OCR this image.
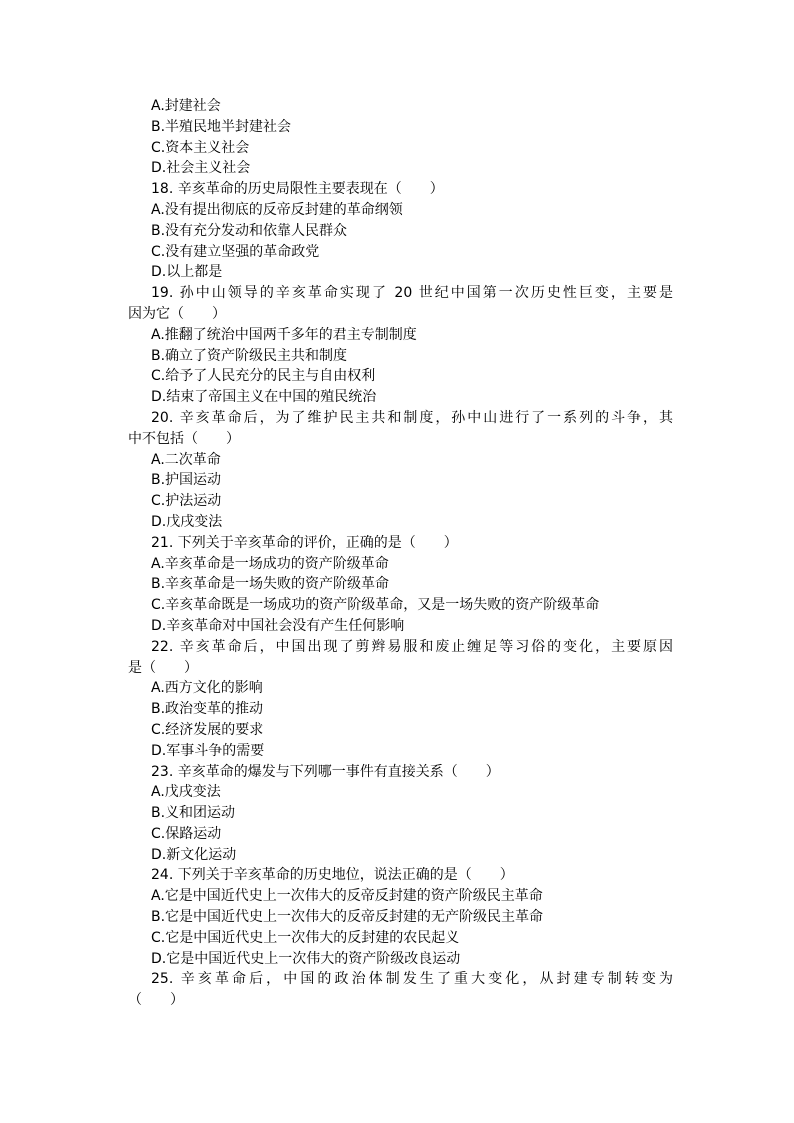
A.封建社会
B.半殖民地半封建社会
C.资本主义社会
D.社会主义社会
18. 辛亥革命的历史局限性主要表现在（　　）
A.没有提出彻底的反帝反封建的革命纲领
B.没有充分发动和依靠人民群众
C.没有建立坚强的革命政党
D.以上都是
19. 孙中山领导的辛亥革命实现了 20 世纪中国第一次历史性巨变，主要是
因为它（　　）
A.推翻了统治中国两千多年的君主专制制度
B.确立了资产阶级民主共和制度
C.给予了人民充分的民主与自由权利
D.结束了帝国主义在中国的殖民统治
20. 辛亥革命后，为了维护民主共和制度，孙中山进行了一系列的斗争，其
中不包括（　　）
A.二次革命
B.护国运动
C.护法运动
D.戊戌变法
21. 下列关于辛亥革命的评价，正确的是（　　）
A.辛亥革命是一场成功的资产阶级革命
B.辛亥革命是一场失败的资产阶级革命
C.辛亥革命既是一场成功的资产阶级革命，又是一场失败的资产阶级革命
D.辛亥革命对中国社会没有产生任何影响
22. 辛亥革命后，中国出现了剪辫易服和废止缠足等习俗的变化，主要原因
是（　　）
A.西方文化的影响
B.政治变革的推动
C.经济发展的要求
D.军事斗争的需要
23. 辛亥革命的爆发与下列哪一事件有直接关系（　　）
A.戊戌变法
B.义和团运动
C.保路运动
D.新文化运动
24. 下列关于辛亥革命的历史地位，说法正确的是（　　）
A.它是中国近代史上一次伟大的反帝反封建的资产阶级民主革命
B.它是中国近代史上一次伟大的反帝反封建的无产阶级民主革命
C.它是中国近代史上一次伟大的反封建的农民起义
D.它是中国近代史上一次伟大的资产阶级改良运动
25. 辛亥革命后，中国的政治体制发生了重大变化，从封建专制转变为
（　　）
